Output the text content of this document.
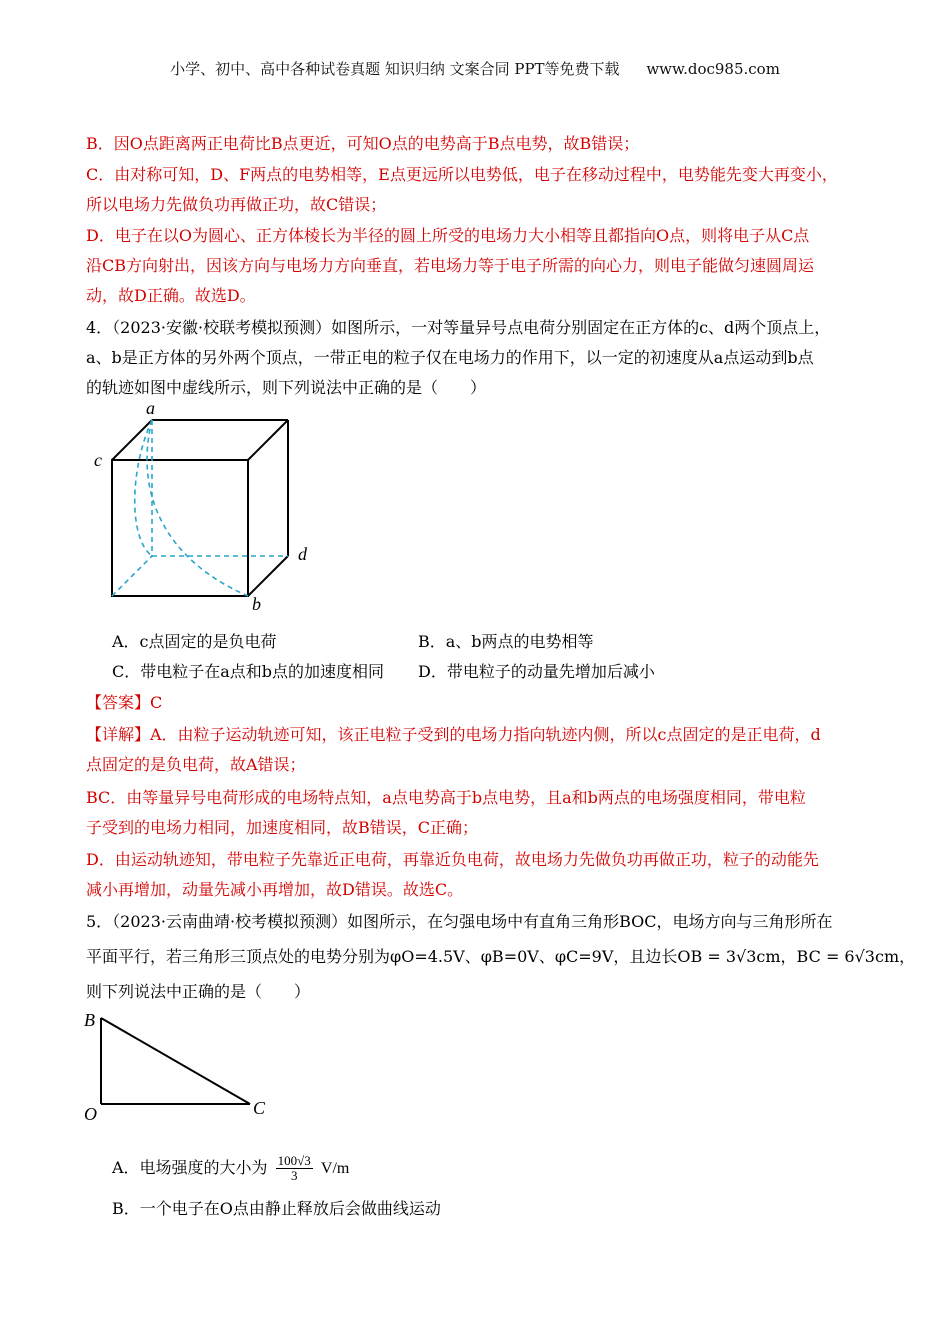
小学、初中、高中各种试卷真题 知识归纳 文案合同 PPT等免费下载 www.doc985.com
B．因O点距离两正电荷比B点更近，可知O点的电势高于B点电势，故B错误；
C．由对称可知，D、F两点的电势相等，E点更远所以电势低，电子在移动过程中，电势能先变大再变小，
所以电场力先做负功再做正功，故C错误；
D．电子在以O为圆心、正方体棱长为半径的圆上所受的电场力大小相等且都指向O点，则将电子从C点
沿CB方向射出，因该方向与电场力方向垂直，若电场力等于电子所需的向心力，则电子能做匀速圆周运
动，故D正确。故选D。
4．（2023·安徽·校联考模拟预测）如图所示，一对等量异号点电荷分别固定在正方体的c、d两个顶点上，
a、b是正方体的另外两个顶点，一带正电的粒子仅在电场力的作用下，以一定的初速度从a点运动到b点
的轨迹如图中虚线所示，则下列说法中正确的是（　　）
a
c
d
b
A．c点固定的是负电荷	B．a、b两点的电势相等
C．带电粒子在a点和b点的加速度相同 D．带电粒子的动量先增加后减小
【答案】C
【详解】A．由粒子运动轨迹可知，该正电粒子受到的电场力指向轨迹内侧，所以c点固定的是正电荷，d
点固定的是负电荷，故A错误；
BC．由等量异号电荷形成的电场特点知，a点电势高于b点电势，且a和b两点的电场强度相同，带电粒
子受到的电场力相同，加速度相同，故B错误，C正确；
D．由运动轨迹知，带电粒子先靠近正电荷，再靠近负电荷，故电场力先做负功再做正功，粒子的动能先
减小再增加，动量先减小再增加，故D错误。故选C。
5．（2023·云南曲靖·校考模拟预测）如图所示，在匀强电场中有直角三角形BOC，电场方向与三角形所在
平面平行，若三角形三顶点处的电势分别为φO=4.5V、φB=0V、φC=9V，且边长OB = 3√3cm，BC = 6√3cm，
则下列说法中正确的是（　　）
B
O	C
A．电场强度的大小为 $\frac{100√3}{3} V/m$
B．一个电子在O点由静止释放后会做曲线运动
